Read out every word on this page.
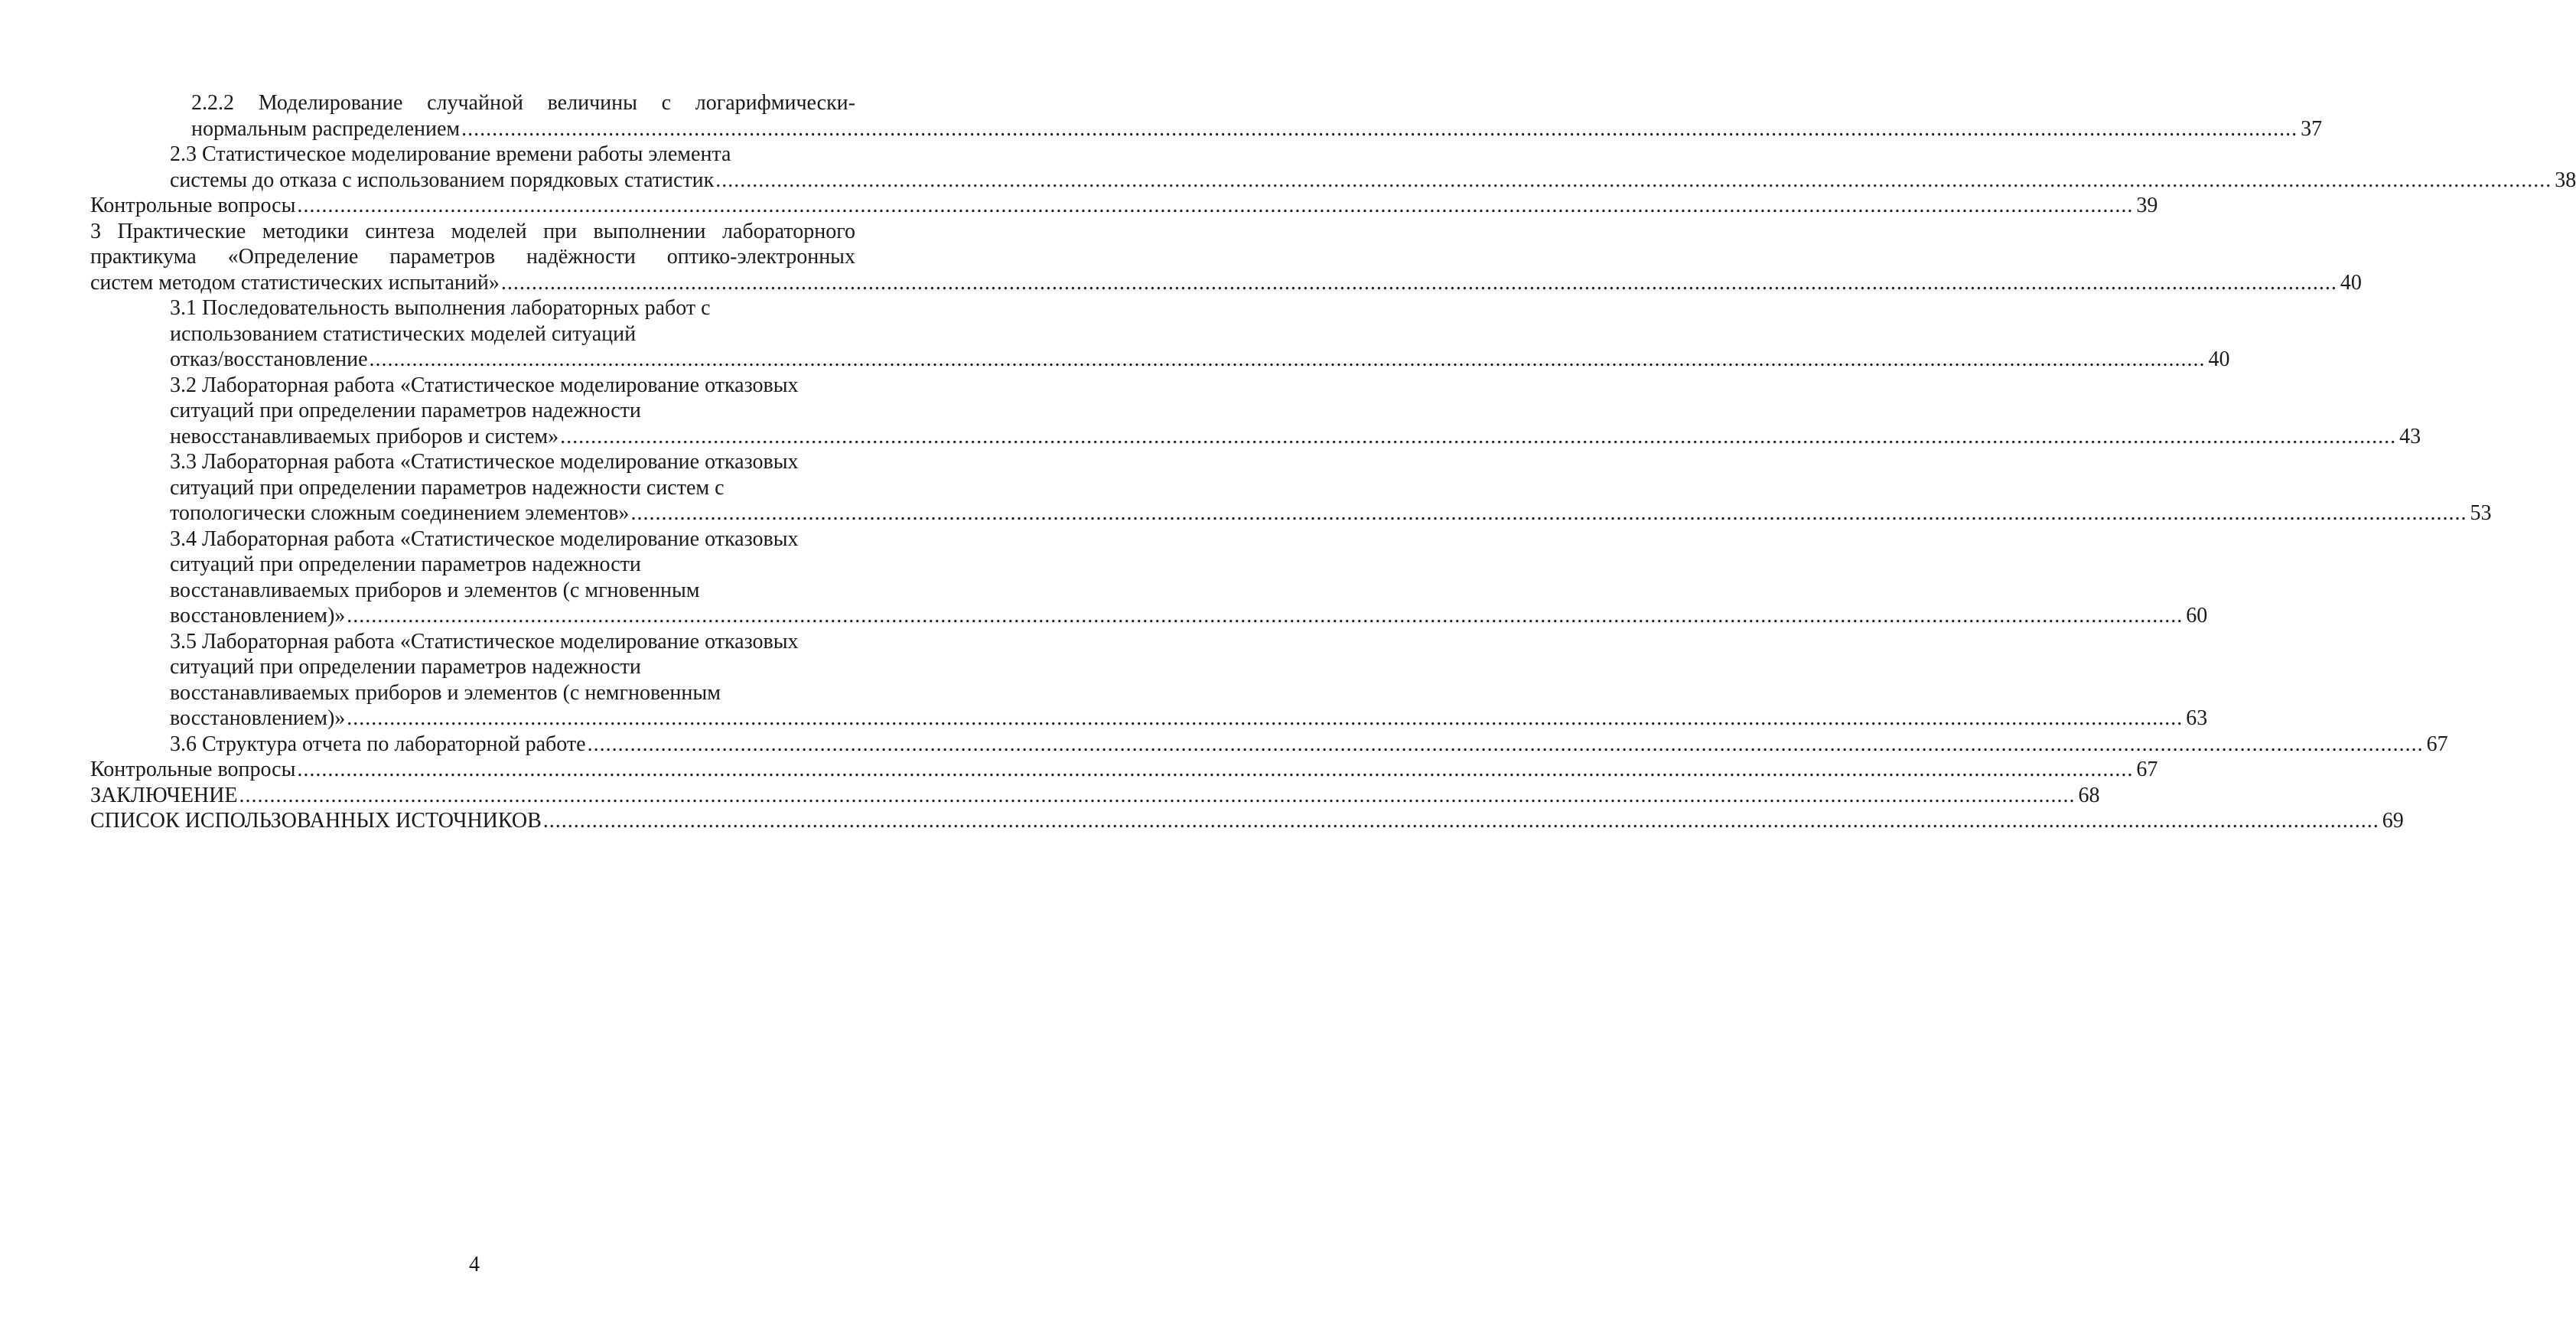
2.2.2 Моделирование случайной величины с логарифмически-
нормальным распределением ............................................................................................................................................................................................................................................................................................................ 37
2.3 Статистическое моделирование времени работы элемента
системы до отказа с использованием порядковых статистик ............................................................................................................................................................................................................................................................................................................ 38
Контрольные вопросы ............................................................................................................................................................................................................................................................................................................ 39
3 Практические методики синтеза моделей при выполнении лабораторного
практикума «Определение параметров надёжности оптико-электронных
систем методом статистических испытаний» ............................................................................................................................................................................................................................................................................................................ 40
3.1 Последовательность выполнения лабораторных работ с
использованием статистических моделей ситуаций
отказ/восстановление ............................................................................................................................................................................................................................................................................................................ 40
3.2 Лабораторная работа «Статистическое моделирование отказовых
ситуаций при определении параметров надежности
невосстанавливаемых приборов и систем» ............................................................................................................................................................................................................................................................................................................ 43
3.3 Лабораторная работа «Статистическое моделирование отказовых
ситуаций при определении параметров надежности систем с
топологически сложным соединением элементов» ............................................................................................................................................................................................................................................................................................................ 53
3.4 Лабораторная работа «Статистическое моделирование отказовых
ситуаций при определении параметров надежности
восстанавливаемых приборов и элементов (с мгновенным
восстановлением)» ............................................................................................................................................................................................................................................................................................................ 60
3.5 Лабораторная работа «Статистическое моделирование отказовых
ситуаций при определении параметров надежности
восстанавливаемых приборов и элементов (с немгновенным
восстановлением)» ............................................................................................................................................................................................................................................................................................................ 63
3.6 Структура отчета по лабораторной работе ............................................................................................................................................................................................................................................................................................................ 67
Контрольные вопросы ............................................................................................................................................................................................................................................................................................................ 67
ЗАКЛЮЧЕНИЕ ............................................................................................................................................................................................................................................................................................................ 68
СПИСОК ИСПОЛЬЗОВАННЫХ ИСТОЧНИКОВ ............................................................................................................................................................................................................................................................................................................ 69
4
